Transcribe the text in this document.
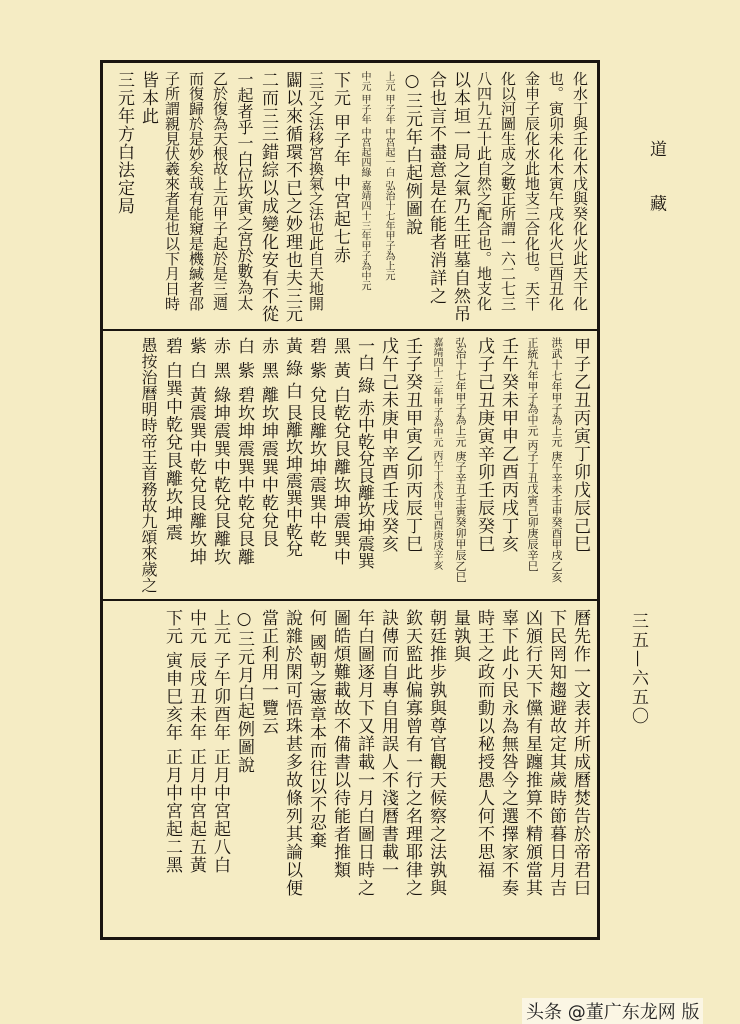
道 藏
三五—六五〇
化水丁與壬化木戊與癸化火此天干化
也。寅卯未化木寅午戌化火巳酉丑化
金申子辰化水此地支三合化也。天干
化以河圖生成之數正所謂一六二七三
八四九五十此自然之配合也。地支化
以本垣一局之氣乃生旺墓自然吊
合也言不盡意是在能者消詳之
○三元年白起例圖說
上元 甲子年 中宮起一白 弘治十七年甲子為上元
中元 甲子年 中宮起四綠 嘉靖四十三年甲子為中元
下元 甲子年 中宮起七赤
三元之法移宮換氣之法也此自天地開
闢以來循環不已之妙理也夫三元
二而三三錯綜以成變化安有不從
一起者乎一白位坎寅之宮於數為太
乙於復為天根故上元甲子起於是三週
而復歸於是妙矣哉有能窺是機緘者邵
子所謂親見伏羲來者是也以下月日時
皆本此
三元年方白法定局
甲子乙丑丙寅丁卯戊辰己巳
洪武十七年甲子為上元 庚午辛未壬申癸酉甲戌乙亥
正統九年甲子為中元 丙子丁丑戊寅己卯庚辰辛巳
壬午癸未甲申乙酉丙戌丁亥
戊子己丑庚寅辛卯壬辰癸巳
弘治十七年甲子為上元 庚子辛丑壬寅癸卯甲辰乙巳
嘉靖四十三年甲子為中元 丙午丁未戊申己酉庚戌辛亥
壬子癸丑甲寅乙卯丙辰丁巳
戊午己未庚申辛酉壬戌癸亥
一白 綠 赤中乾兌艮離坎坤震巽
黑 黃 白乾兌艮離坎坤震巽中
碧 紫 兌艮離坎坤震巽中乾
黃 綠 白 艮離坎坤震巽中乾兌
赤 黑 離坎坤震巽中乾兌艮
白 紫 碧坎坤震巽中乾兌艮離
赤 黑 綠坤震巽中乾兌艮離坎
紫 白 黃震巽中乾兌艮離坎坤
碧 白巽中乾兌艮離坎坤震
愚按治曆明時帝王首務故九頌來歲之
曆先作一文表并所成曆焚告於帝君曰
下民罔知趨避故定其歲時節暮日月吉
凶頒行天下儻有星躔推算不精頒當其
辜下此小民永為無咎今之選擇家不奏
時王之政而動以秘授愚人何不思福
量孰與
朝廷推步孰與尊官觀天候察之法孰與
欽天監此偏寡曾有一行之名理耶律之
訣傳而自專自用誤人不淺曆書載一
年白圖逐月下又詳載一月白圖日時之
圖皓煩難載故不備書以待能者推類
何 國朝之憲章本而往以不忍棄
說雜於閑可悟珠甚多故條列其論以便
當正利用一覽云
○三元月白起例圖說
上元 子午卯酉年 正月中宮起八白
中元 辰戌丑未年 正月中宮起五黃
下元 寅申巳亥年 正月中宮起二黑
头条 @董广东龙网 版
